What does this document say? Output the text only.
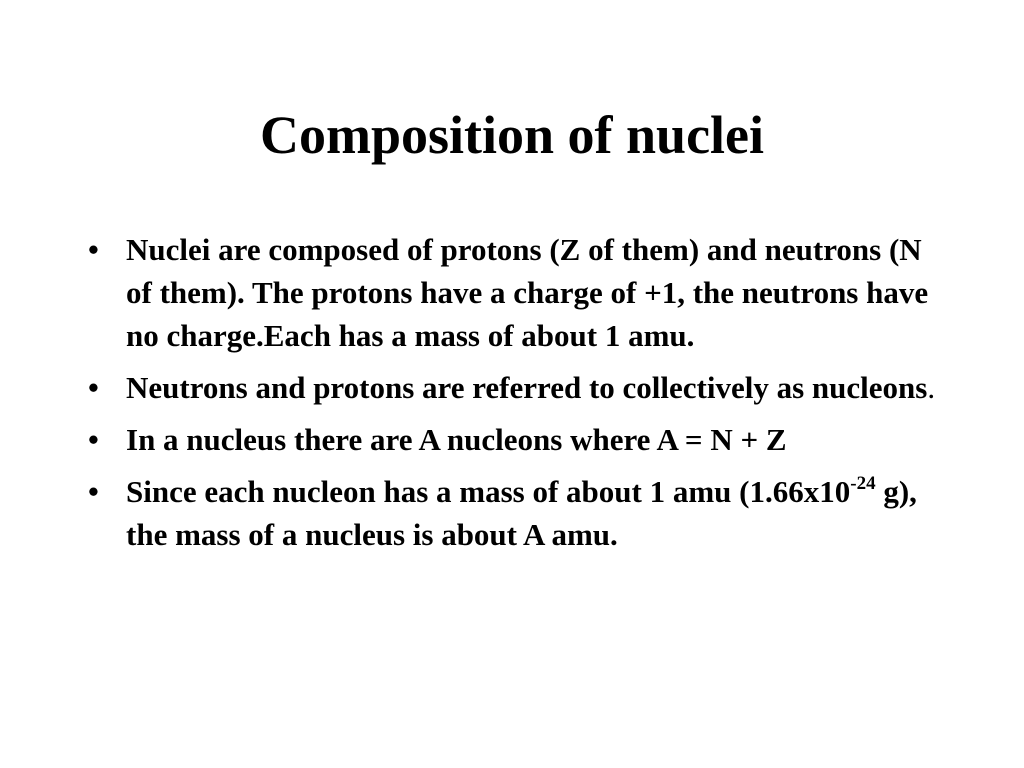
Composition of nuclei
• Nuclei are composed of protons (Z of them) and neutrons (N of them). The protons have a charge of +1, the neutrons have no charge.Each has a mass of about 1 amu.
• Neutrons and protons are referred to collectively as nucleons.
• In a nucleus there are A nucleons where A = N + Z
• Since each nucleon has a mass of about 1 amu ($1.66x10^{-24}$ g), the mass of a nucleus is about A amu.
